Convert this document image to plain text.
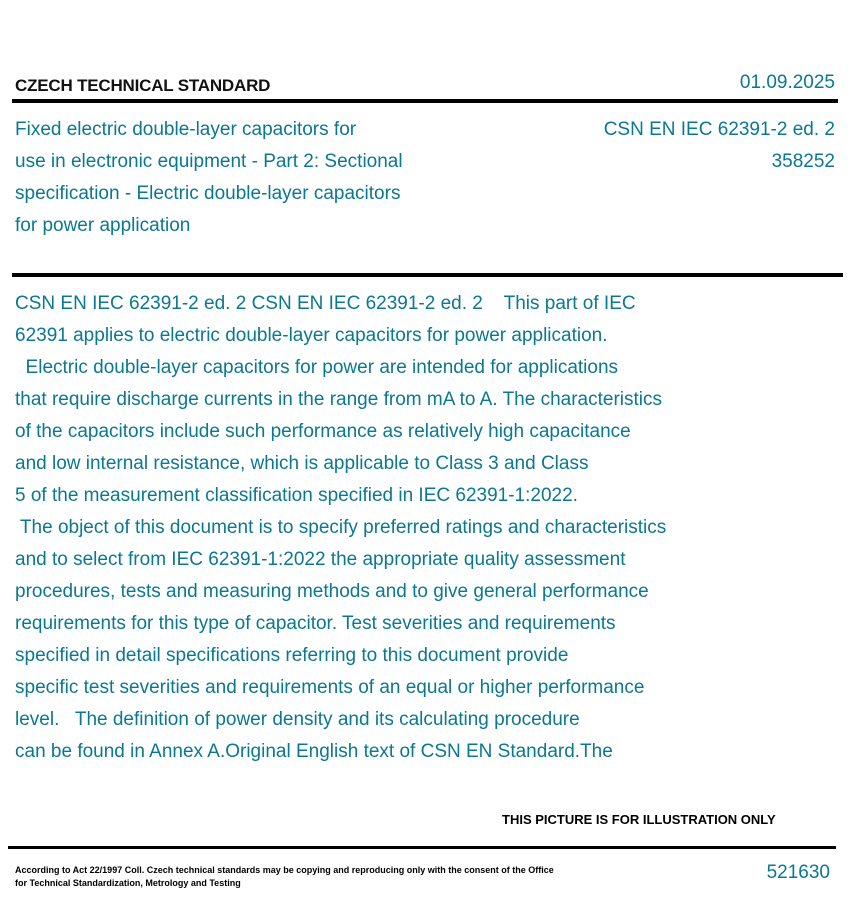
CZECH TECHNICAL STANDARD	01.09.2025
Fixed electric double-layer capacitors for
use in electronic equipment - Part 2: Sectional
specification - Electric double-layer capacitors
for power application
CSN EN IEC 62391-2 ed. 2
358252
CSN EN IEC 62391-2 ed. 2 CSN EN IEC 62391-2 ed. 2    This part of IEC
62391 applies to electric double-layer capacitors for power application.
Electric double-layer capacitors for power are intended for applications
that require discharge currents in the range from mA to A. The characteristics
of the capacitors include such performance as relatively high capacitance
and low internal resistance, which is applicable to Class 3 and Class
5 of the measurement classification specified in IEC 62391-1:2022.
The object of this document is to specify preferred ratings and characteristics
and to select from IEC 62391-1:2022 the appropriate quality assessment
procedures, tests and measuring methods and to give general performance
requirements for this type of capacitor. Test severities and requirements
specified in detail specifications referring to this document provide
specific test severities and requirements of an equal or higher performance
level.   The definition of power density and its calculating procedure
can be found in Annex A.Original English text of CSN EN Standard.The
THIS PICTURE IS FOR ILLUSTRATION ONLY
According to Act 22/1997 Coll. Czech technical standards may be copying and reproducing only with the consent of the Office
for Technical Standardization, Metrology and Testing	521630
